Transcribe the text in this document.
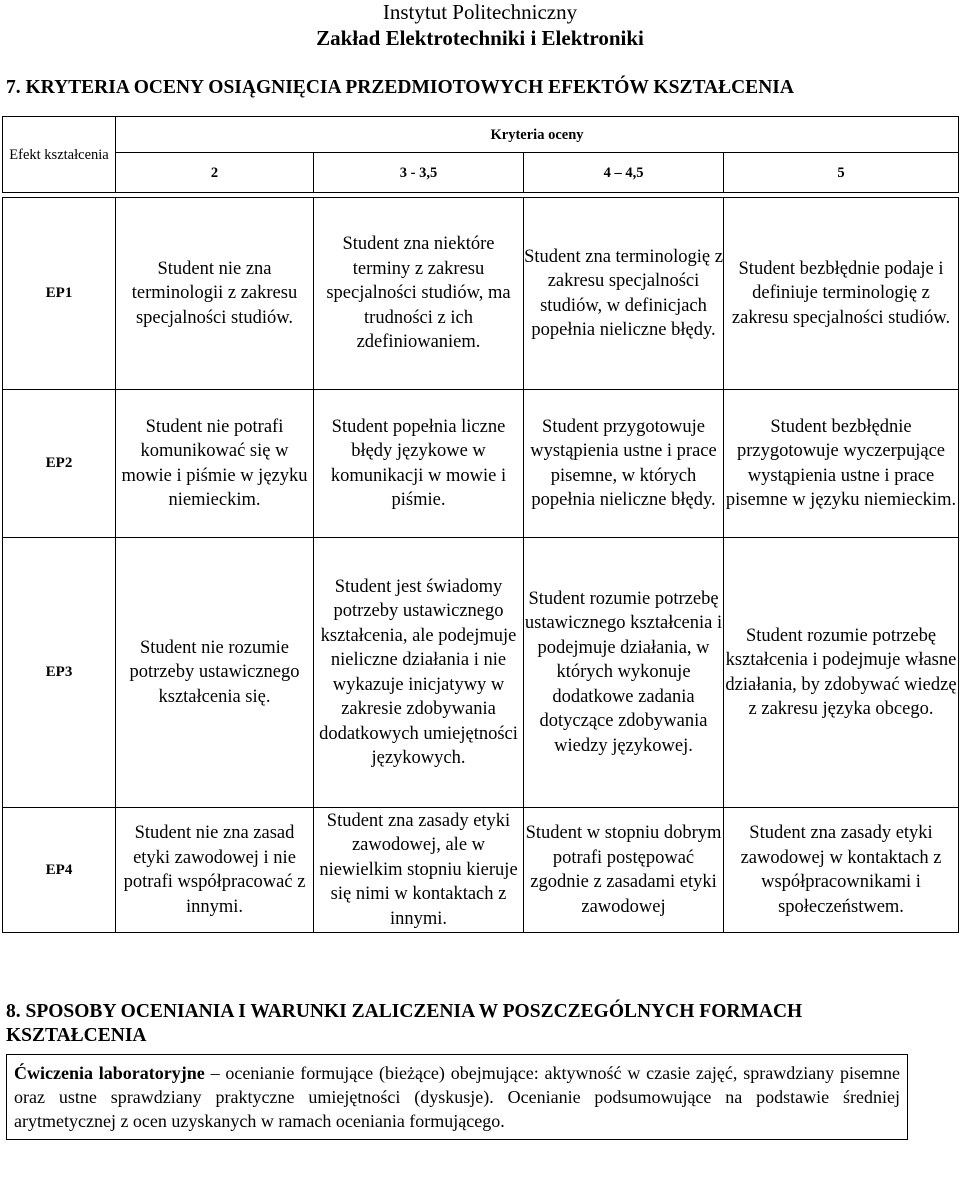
Instytut Politechniczny
Zakład Elektrotechniki i Elektroniki
7. KRYTERIA OCENY OSIĄGNIĘCIA PRZEDMIOTOWYCH EFEKTÓW KSZTAŁCENIA
Efekt kształcenia	Kryteria oceny			
	2	3 - 3,5	4 – 4,5	5

EP1	Student nie zna terminologii z zakresu specjalności studiów.	Student zna niektóre terminy z zakresu specjalności studiów, ma trudności z ich zdefiniowaniem.	Student zna terminologię z zakresu specjalności studiów, w definicjach popełnia nieliczne błędy.	Student bezbłędnie podaje i definiuje terminologię z zakresu specjalności studiów.
EP2	Student nie potrafi komunikować się w mowie i piśmie w języku niemieckim.	Student popełnia liczne błędy językowe w komunikacji w mowie i piśmie.	Student przygotowuje wystąpienia ustne i prace pisemne, w których popełnia nieliczne błędy.	Student bezbłędnie przygotowuje wyczerpujące wystąpienia ustne i prace pisemne w języku niemieckim.
EP3	Student nie rozumie potrzeby ustawicznego kształcenia się.	Student jest świadomy potrzeby ustawicznego kształcenia, ale podejmuje nieliczne działania i nie wykazuje inicjatywy w zakresie zdobywania dodatkowych umiejętności językowych.	Student rozumie potrzebę ustawicznego kształcenia i podejmuje działania, w których wykonuje dodatkowe zadania dotyczące zdobywania wiedzy językowej.	Student rozumie potrzebę kształcenia i podejmuje własne działania, by zdobywać wiedzę z zakresu języka obcego.
EP4	Student nie zna zasad etyki zawodowej i nie potrafi współpracować z innymi.	Student zna zasady etyki zawodowej, ale w niewielkim stopniu kieruje się nimi w kontaktach z innymi.	Student w stopniu dobrym potrafi postępować zgodnie z zasadami etyki zawodowej	Student zna zasady etyki zawodowej w kontaktach z współpracownikami i społeczeństwem.
8. SPOSOBY OCENIANIA I WARUNKI ZALICZENIA W POSZCZEGÓLNYCH FORMACH KSZTAŁCENIA
Ćwiczenia laboratoryjne – ocenianie formujące (bieżące) obejmujące: aktywność w czasie zajęć, sprawdziany pisemne oraz ustne sprawdziany praktyczne umiejętności (dyskusje). Ocenianie podsumowujące na podstawie średniej arytmetycznej z ocen uzyskanych w ramach oceniania formującego.
